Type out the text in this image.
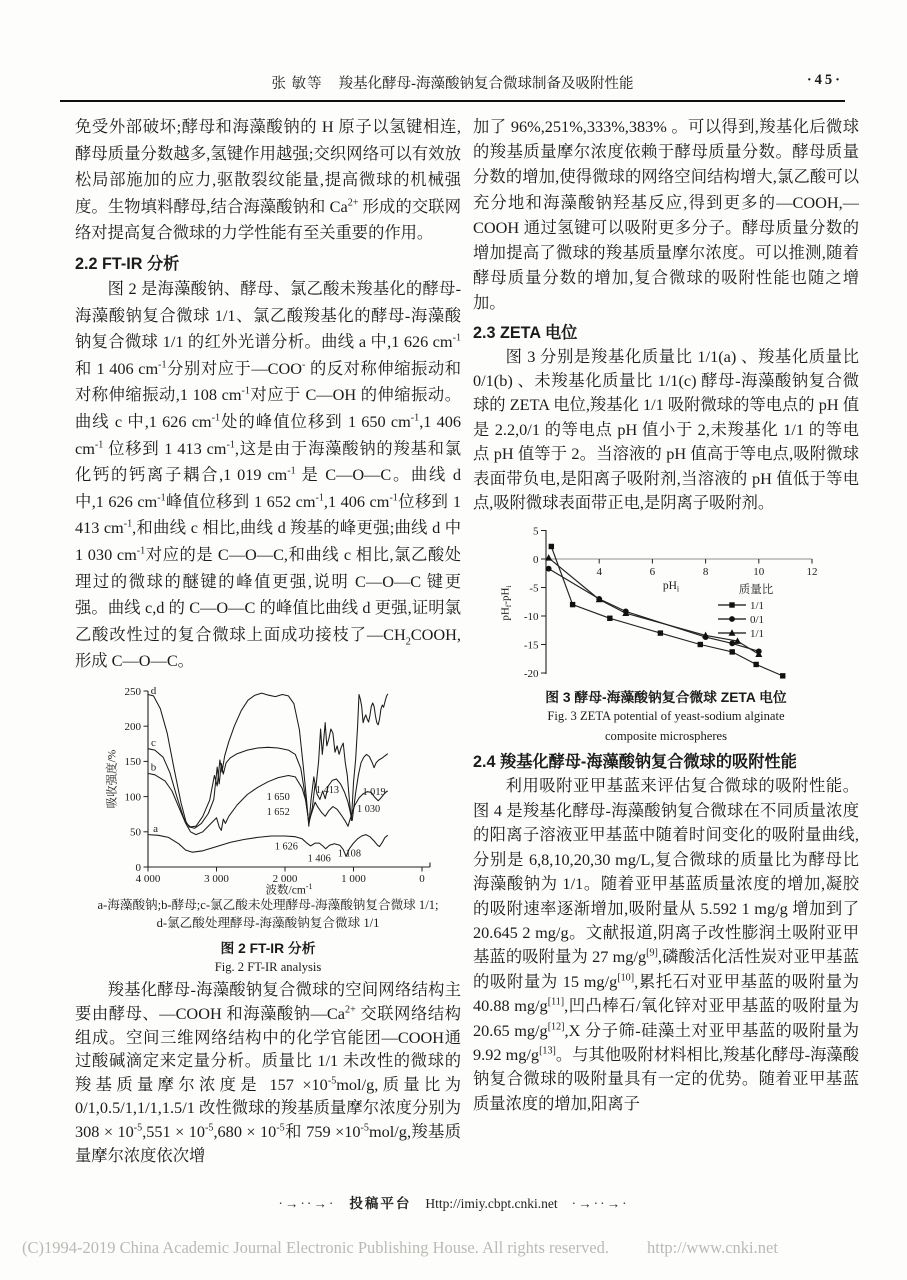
张 敏等 羧基化酵母-海藻酸钠复合微球制备及吸附性能	·45·

免受外部破坏;酵母和海藻酸钠的 H 原子以氢键相连,酵母质量分数越多,氢键作用越强;交织网络可以有效放松局部施加的应力,驱散裂纹能量,提高微球的机械强度。生物填料酵母,结合海藻酸钠和 $Ca^{2+}$ 形成的交联网络对提高复合微球的力学性能有至关重要的作用。

2.2 FT-IR 分析

图 2 是海藻酸钠、酵母、氯乙酸未羧基化的酵母-海藻酸钠复合微球 1/1、氯乙酸羧基化的酵母-海藻酸钠复合微球 1/1 的红外光谱分析。曲线 a 中,1 626 $cm^{-1}$和 1 406 $cm^{-1}$分别对应于—COO- 的反对称伸缩振动和对称伸缩振动,1 108 $cm^{-1}$对应于 C—OH 的伸缩振动。曲线 c 中,1 626 $cm^{-1}$处的峰值位移到 1 650 $cm^{-1},1$ 406 $cm^{-1}$ 位移到 1 413 $cm^{-1}$,这是由于海藻酸钠的羧基和氯化钙的钙离子耦合,1 019 $cm^{-1}$ 是 C—O—C。曲线 d 中,1 626 $cm^{-1}$峰值位移到 1 652 $cm^{-1},1$ 406 $cm^{-1}$位移到 1 413 $cm^{-1}$,和曲线 c 相比,曲线 d 羧基的峰更强;曲线 d 中 1 030 $cm^{-1}$对应的是 C—O—C,和曲线 c 相比,氯乙酸处理过的微球的醚键的峰值更强,说明 C—O—C 键更强。曲线 c,d 的 C—O—C 的峰值比曲线 d 更强,证明氯乙酸改性过的复合微球上面成功接枝了$—CH_2COOH$,形成 C—O—C。

0
50
100
150
200
250
4 000	3 000	2 000	1 000	0
吸收强度/%
波数$/cm^{-1}$
a
b
c
d
1 650
1 652
1 413 1 019
1 030
1 626
1 406 1 108
a-海藻酸钠;b-酵母;c-氯乙酸未处理酵母-海藻酸钠复合微球 1/1;
d-氯乙酸处理酵母-海藻酸钠复合微球 1/1
图 2 FT-IR 分析
Fig. 2 FT-IR analysis

羧基化酵母-海藻酸钠复合微球的空间网络结构主要由酵母、—COOH 和海藻酸钠$—Ca^{2+}$ 交联网络结构组成。空间三维网络结构中的化学官能团—COOH通过酸碱滴定来定量分析。质量比 1/1 未改性的微球的羧基质量摩尔浓度是 $157 \times 10^{-5}mol/g$,质量比为 0/1,0.5/1,1/1,1.5/1 改性微球的羧基质量摩尔浓度分别为 $308 \times 10^{-5},551 \times 10^{-5},680 \times 10^{-5}$和 $759 \times 10^{-5}mol/g$,羧基质量摩尔浓度依次增

加了 96%,251%,333%,383% 。可以得到,羧基化后微球的羧基质量摩尔浓度依赖于酵母质量分数。酵母质量分数的增加,使得微球的网络空间结构增大,氯乙酸可以充分地和海藻酸钠羟基反应,得到更多的—COOH,—COOH 通过氢键可以吸附更多分子。酵母质量分数的增加提高了微球的羧基质量摩尔浓度。可以推测,随着酵母质量分数的增加,复合微球的吸附性能也随之增加。

2.3 ZETA 电位

图 3 分别是羧基化质量比 1/1(a) 、羧基化质量比 0/1(b) 、未羧基化质量比 1/1(c) 酵母-海藻酸钠复合微球的 ZETA 电位,羧基化 1/1 吸附微球的等电点的 pH 值是 2.2,0/1 的等电点 pH 值小于 2,未羧基化 1/1 的等电点 pH 值等于 2。当溶液的 pH 值高于等电点,吸附微球表面带负电,是阳离子吸附剂,当溶液的 pH 值低于等电点,吸附微球表面带正电,是阴离子吸附剂。

5
0
-5
-10
-15
-20
4	6	8	10	12
$pH_i$
$pH_f-pH_i$	质量比
1/1
0/1
1/1
图 3 酵母-海藻酸钠复合微球 ZETA 电位
Fig. 3 ZETA potential of yeast-sodium alginate
composite microspheres
2.4 羧基化酵母-海藻酸钠复合微球的吸附性能

利用吸附亚甲基蓝来评估复合微球的吸附性能。图 4 是羧基化酵母-海藻酸钠复合微球在不同质量浓度的阳离子溶液亚甲基蓝中随着时间变化的吸附量曲线,分别是 6,8,10,20,30 mg/L,复合微球的质量比为酵母比海藻酸钠为 1/1。随着亚甲基蓝质量浓度的增加,凝胶的吸附速率逐渐增加,吸附量从 5.592 1 mg/g 增加到了 20.645 2 mg/g。文献报道,阴离子改性膨润土吸附亚甲基蓝的吸附量为 27 mg/g[9],磷酸活化活性炭对亚甲基蓝的吸附量为 15 mg/g[10],累托石对亚甲基蓝的吸附量为 40.88 mg/g[11],凹凸棒石/氧化锌对亚甲基蓝的吸附量为 20.65 mg/g[12],X 分子筛-硅藻土对亚甲基蓝的吸附量为 9.92 mg/g[13]。与其他吸附材料相比,羧基化酵母-海藻酸钠复合微球的吸附量具有一定的优势。随着亚甲基蓝质量浓度的增加,阳离子

·→··→· 投稿平台 Http://imiy.cbpt.cnki.net ·→··→·
(C)1994-2019 China Academic Journal Electronic Publishing House. All rights reserved. http://www.cnki.net
